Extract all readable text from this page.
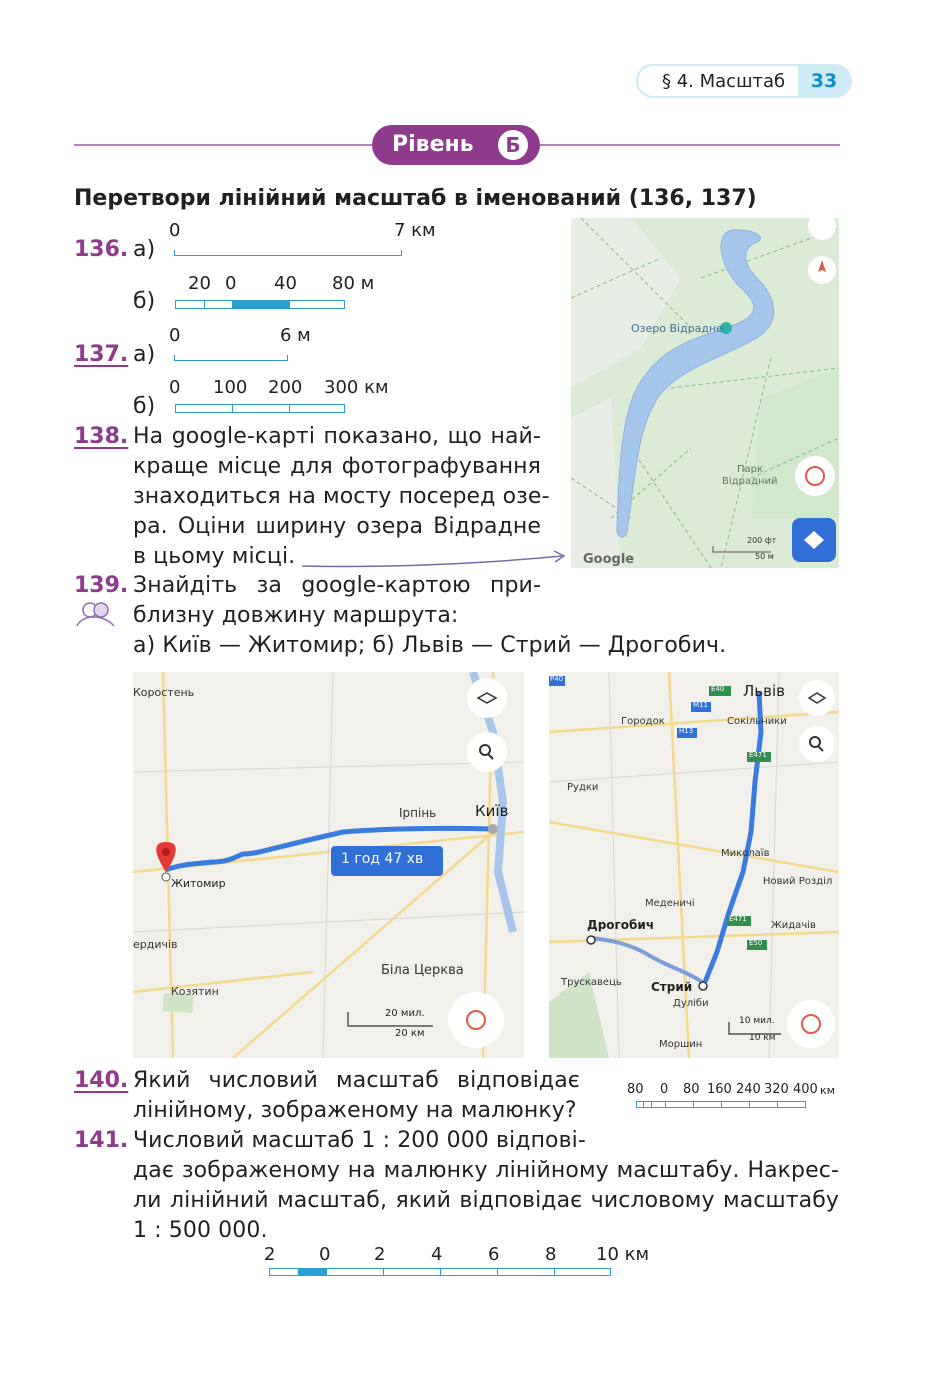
§ 4. Масштаб	33
Рівень	Б
Перетвори лінійний масштаб в іменований (136, 137)
136. а)
0	7 км
б)
20 0 40 80 м
137. а)
0	6 м
б)
0 100 200 300 км
138. На google-карті показано, що най-
краще місце для фотографування
знаходиться на мосту посеред озе-
ра. Оціни ширину озера Відрадне
в цьому місці.
Озеро Відрадне
Парк
Відрадний
200 фт
50 м
Google
139. Знайдіть за google-картою при-
близну довжину маршрута:
а) Київ — Житомир; б) Львів — Стрий — Дрогобич.
Коростень
Ірпінь	Київ
Житомир
ердичів
Біла Церква
Козятин
1 год 47 хв
20 мил.
20 км
Львів
Городок	Сокільники
Рудки
Миколаїв
Новий Розділ
Меденичі
Дрогобич	Жидачів
Трускавець Стрий
Дуліби
Моршин
E40
M11
H13
E471
E471
E50
P40
10 мил.
10 км
140. Який числовий масштаб відповідає
лінійному, зображеному на малюнку?
80 0 80 160 240 320 400 км
141. Числовий масштаб 1 : 200 000 відпові-
дає зображеному на малюнку лінійному масштабу. Накрес-
ли лінійний масштаб, який відповідає числовому масштабу
1 : 500 000.
2 0 2	4	6	8 10 км
